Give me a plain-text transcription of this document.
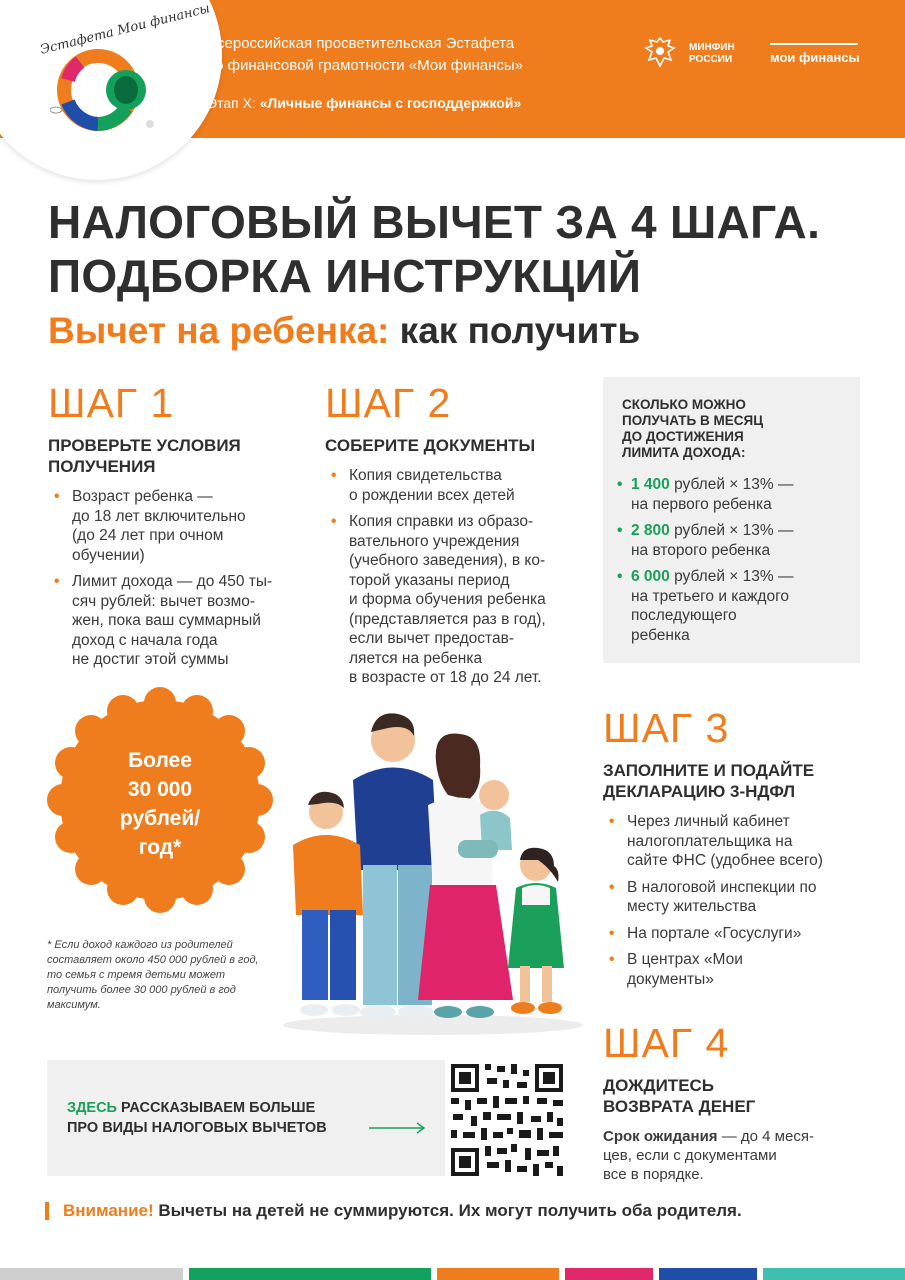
Эстафета Мои финансы
Всероссийская просветительская Эстафета
по финансовой грамотности «Мои финансы»
Этап X: «Личные финансы с господдержкой»
МИНФИН
РОССИИ	мои финансы
НАЛОГОВЫЙ ВЫЧЕТ ЗА 4 ШАГА.
ПОДБОРКА ИНСТРУКЦИЙ
Вычет на ребенка: как получить
ШАГ 1
ПРОВЕРЬТЕ УСЛОВИЯ
ПОЛУЧЕНИЯ
• Возраст ребенка —
до 18 лет включительно
(до 24 лет при очном
обучении)
• Лимит дохода — до 450 ты-
сяч рублей: вычет возмо-
жен, пока ваш суммарный
доход с начала года
не достиг этой суммы
ШАГ 2
СОБЕРИТЕ ДОКУМЕНТЫ
• Копия свидетельства
о рождении всех детей
• Копия справки из образо-
вательного учреждения
(учебного заведения), в ко-
торой указаны период
и форма обучения ребенка
(представляется раз в год),
если вычет предостав-
ляется на ребенка
в возрасте от 18 до 24 лет.
СКОЛЬКО МОЖНО
ПОЛУЧАТЬ В МЕСЯЦ
ДО ДОСТИЖЕНИЯ
ЛИМИТА ДОХОДА:
• 1 400 рублей × 13% —
на первого ребенка
• 2 800 рублей × 13% —
на второго ребенка
• 6 000 рублей × 13% —
на третьего и каждого
последующего
ребенка
Более
30 000
рублей/
год*
* Если доход каждого из родителей составляет около 450 000 рублей в год, то семья с тремя детьми может получить более 30 000 рублей в год максимум.
ШАГ 3
ЗАПОЛНИТЕ И ПОДАЙТЕ
ДЕКЛАРАЦИЮ 3-НДФЛ
• Через личный кабинет
налогоплательщика на
сайте ФНС (удобнее всего)
• В налоговой инспекции по
месту жительства
• На портале «Госуслуги»
• В центрах «Мои
документы»
ШАГ 4
ДОЖДИТЕСЬ
ВОЗВРАТА ДЕНЕГ
Срок ожидания — до 4 меся-
цев, если с документами
все в порядке.
ЗДЕСЬ РАССКАЗЫВАЕМ БОЛЬШЕ
ПРО ВИДЫ НАЛОГОВЫХ ВЫЧЕТОВ
Внимание! Вычеты на детей не суммируются. Их могут получить оба родителя.
